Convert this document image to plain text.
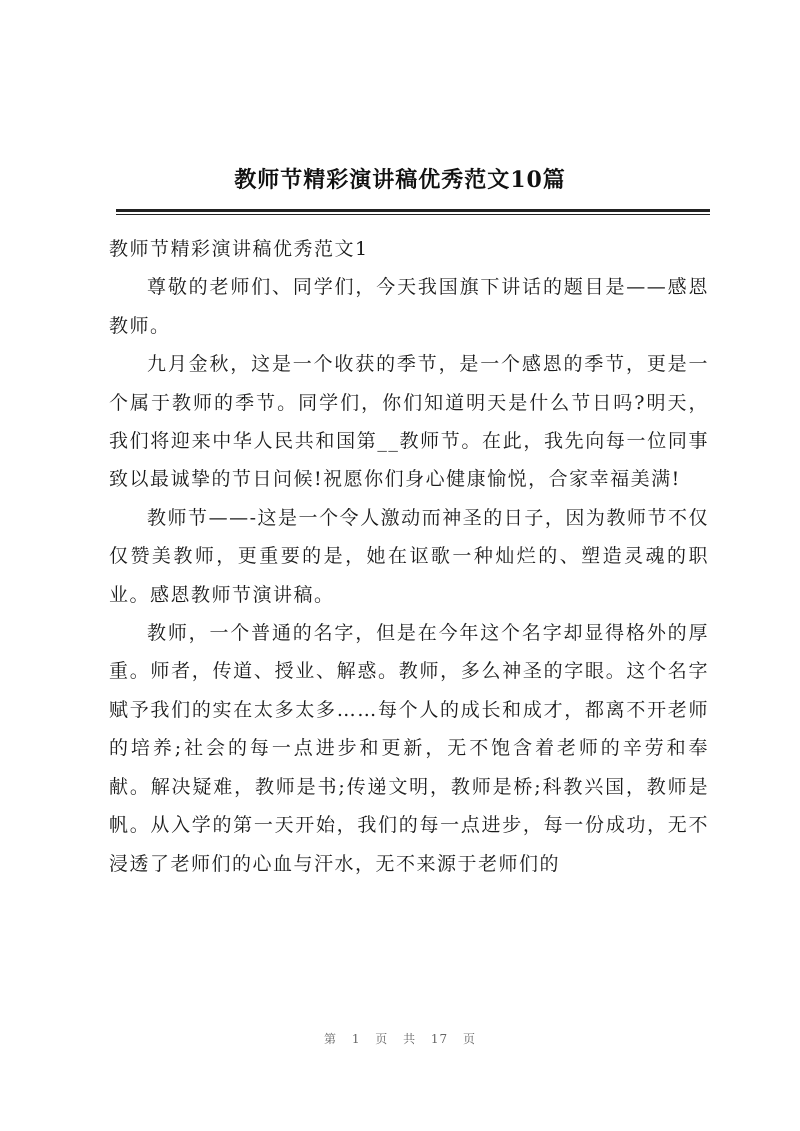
教师节精彩演讲稿优秀范文10篇

教师节精彩演讲稿优秀范文1

尊敬的老师们、同学们，今天我国旗下讲话的题目是——感恩教师。

九月金秋，这是一个收获的季节，是一个感恩的季节，更是一个属于教师的季节。同学们，你们知道明天是什么节日吗?明天，我们将迎来中华人民共和国第__教师节。在此，我先向每一位同事致以最诚挚的节日问候!祝愿你们身心健康愉悦，合家幸福美满!

教师节——-这是一个令人激动而神圣的日子，因为教师节不仅仅赞美教师，更重要的是，她在讴歌一种灿烂的、塑造灵魂的职业。感恩教师节演讲稿。

教师，一个普通的名字，但是在今年这个名字却显得格外的厚重。师者，传道、授业、解惑。教师，多么神圣的字眼。这个名字赋予我们的实在太多太多……每个人的成长和成才，都离不开老师的培养;社会的每一点进步和更新，无不饱含着老师的辛劳和奉献。解决疑难，教师是书;传递文明，教师是桥;科教兴国，教师是帆。从入学的第一天开始，我们的每一点进步，每一份成功，无不浸透了老师们的心血与汗水，无不来源于老师们的

第 1 页 共 17 页
